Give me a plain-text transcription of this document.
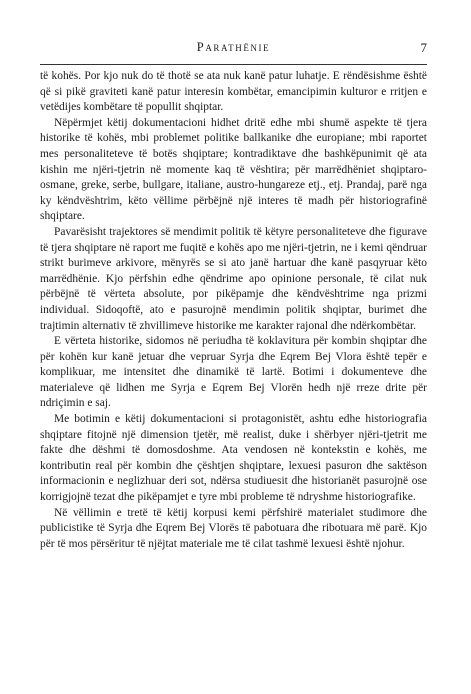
Parathënie	7

të kohës. Por kjo nuk do të thotë se ata nuk kanë patur luhatje. E rëndësishme është që si pikë graviteti kanë patur interesin kombëtar, emancipimin kulturor e rritjen e vetëdijes kombëtare të popullit shqiptar.

Nëpërmjet këtij dokumentacioni hidhet dritë edhe mbi shumë aspekte të tjera historike të kohës, mbi problemet politike ballkanike dhe europiane; mbi raportet mes personaliteteve të botës shqiptare; kontradiktave dhe bashkëpunimit që ata kishin me njëri-tjetrin në momente kaq të vështira; për marrëdhëniet shqiptaro-osmane, greke, serbe, bullgare, italiane, austro-hungareze etj., etj. Prandaj, parë nga ky këndvështrim, këto vëllime përbëjnë një interes të madh për historiografinë shqiptare.

Pavarësisht trajektores së mendimit politik të këtyre personaliteteve dhe figurave të tjera shqiptare në raport me fuqitë e kohës apo me njëri-tjetrin, ne i kemi qëndruar strikt burimeve arkivore, mënyrës se si ato janë hartuar dhe kanë pasqyruar këto marrëdhënie. Kjo përfshin edhe qëndrime apo opinione personale, të cilat nuk përbëjnë të vërteta absolute, por pikëpamje dhe këndvështrime nga prizmi individual. Sidoqoftë, ato e pasurojnë mendimin politik shqiptar, burimet dhe trajtimin alternativ të zhvillimeve historike me karakter rajonal dhe ndërkombëtar.

E vërteta historike, sidomos në periudha të koklavitura për kombin shqiptar dhe për kohën kur kanë jetuar dhe vepruar Syrja dhe Eqrem Bej Vlora është tepër e komplikuar, me intensitet dhe dinamikë të lartë. Botimi i dokumenteve dhe materialeve që lidhen me Syrja e Eqrem Bej Vlorën hedh një rreze drite për ndriçimin e saj.

Me botimin e këtij dokumentacioni si protagonistët, ashtu edhe historiografia shqiptare fitojnë një dimension tjetër, më realist, duke i shërbyer njëri-tjetrit me fakte dhe dëshmi të domosdoshme. Ata vendosen në kontekstin e kohës, me kontributin real për kombin dhe çështjen shqiptare, lexuesi pasuron dhe saktëson informacionin e neglizhuar deri sot, ndërsa studiuesit dhe historianët pasurojnë ose korrigjojnë tezat dhe pikëpamjet e tyre mbi probleme të ndryshme historiografike.

Në vëllimin e tretë të këtij korpusi kemi përfshirë materialet studimore dhe publicistike të Syrja dhe Eqrem Bej Vlorës të pabotuara dhe ribotuara më parë. Kjo për të mos përsëritur të njëjtat materiale me të cilat tashmë lexuesi është njohur.
